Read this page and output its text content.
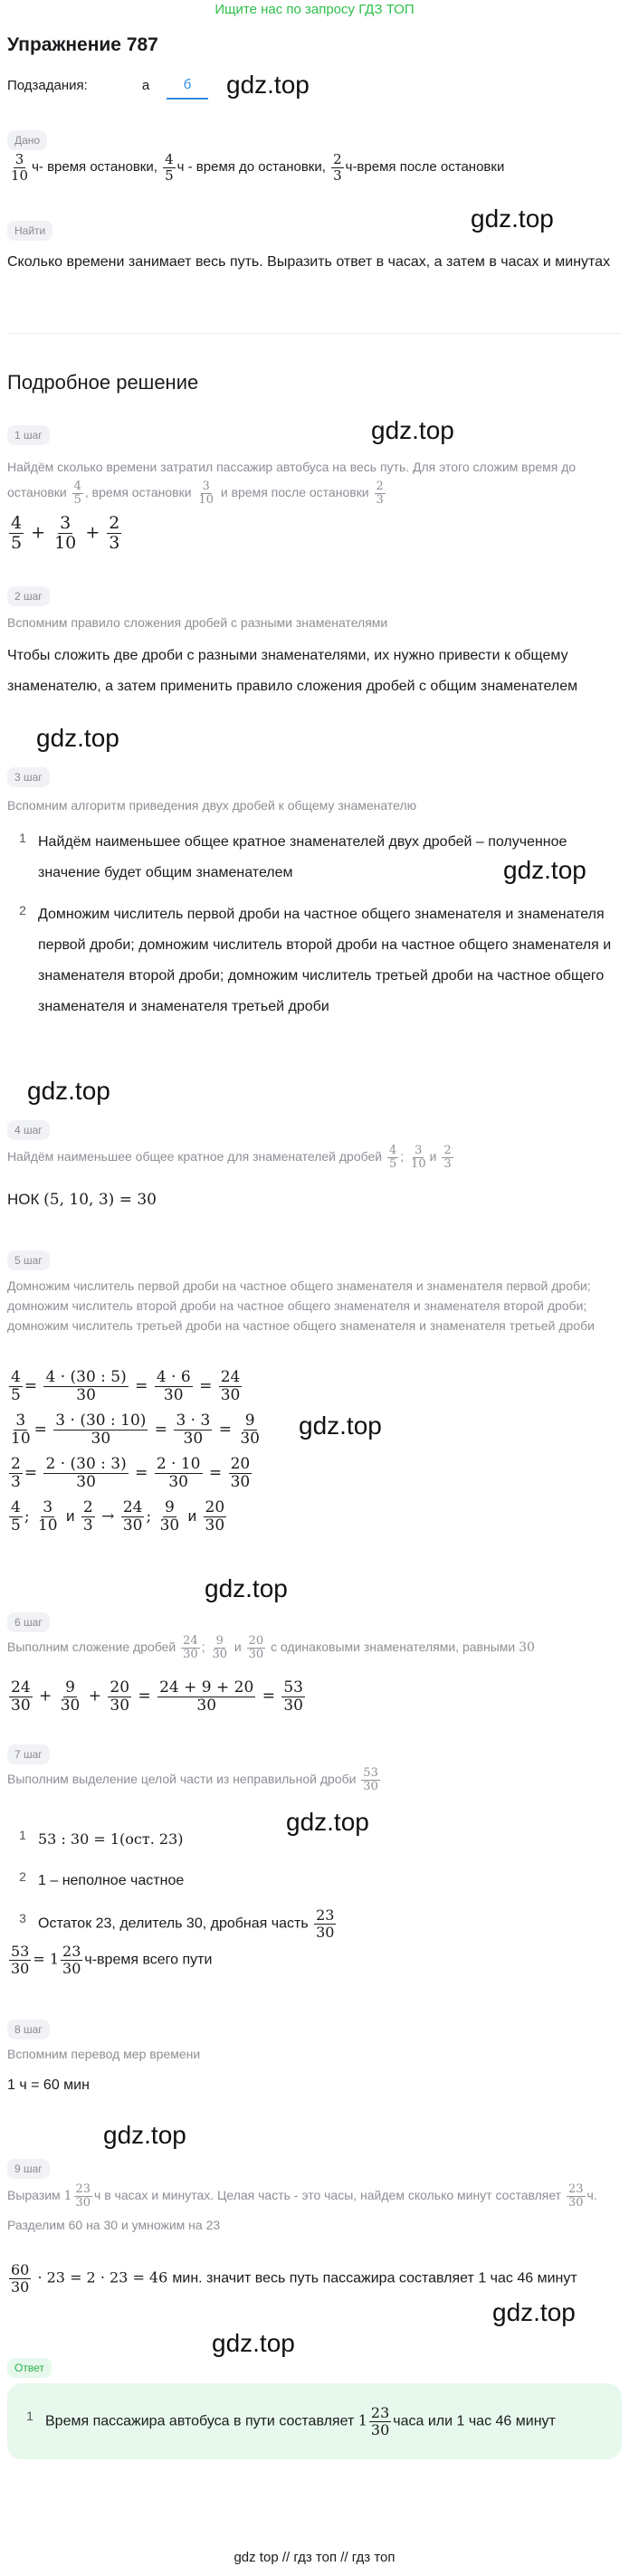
Ищите нас по запросу ГДЗ ТОП
Упражнение 787
Подзадания:	а	б	gdz.top
Дано
$\frac{3}{10} ч-$ время остановки, $\frac{4}{5}$ ч - время до остановки, $\frac{2}{3}$ ч-время после остановки
Найти	gdz.top
Сколько времени занимает весь путь. Выразить ответ в часах, а затем в часах и минутах
Подробное решение
gdz.top
1 шаг
Найдём сколько времени затратил пассажир автобуса на весь путь. Для этого сложим время до остановки $\frac{4}{5}$ , время остановки $\frac{3}{10}$ и время после остановки $\frac{2}{3}$
$\frac{4}{5} + \frac{3}{10} + \frac{2}{3}$
2 шаг
Вспомним правило сложения дробей с разными знаменателями
Чтобы сложить две дроби с разными знаменателями, их нужно привести к общему знаменателю, а затем применить правило сложения дробей с общим знаменателем
gdz.top
3 шаг
Вспомним алгоритм приведения двух дробей к общему знаменателю
1 Найдём наименьшее общее кратное знаменателей двух дробей – полученное значение будет общим знаменателем
2 Домножим числитель первой дроби на частное общего знаменателя и знаменателя первой дроби; домножим числитель второй дроби на частное общего знаменателя и знаменателя второй дроби; домножим числитель третьей дроби на частное общего знаменателя и знаменателя третьей дроби
gdz.top
gdz.top
4 шаг
Найдём наименьшее общее кратное для знаменателей дробей $\frac{4}{5}$ ; $\frac{3}{10}$ и $\frac{2}{3}$
НОК (5, 10, 3) = 30
5 шаг
Домножим числитель первой дроби на частное общего знаменателя и знаменателя первой дроби; домножим числитель второй дроби на частное общего знаменателя и знаменателя второй дроби; домножим числитель третьей дроби на частное общего знаменателя и знаменателя третьей дроби
$\frac{4}{5} = \frac{4 \cdot (30 : 5)}{30} = \frac{4 \cdot 6}{30} = \frac{24}{30}$
$\frac{3}{10} = \frac{3 \cdot (30 : 10)}{30} = \frac{3 \cdot 3}{30} = \frac{9}{30}$
$\frac{2}{3} = \frac{2 \cdot (30 : 3)}{30} = \frac{2 \cdot 10}{30} = \frac{20}{30}$
$\frac{4}{5}$ ; $\frac{3}{10}$ и $\frac{2}{3} \to \frac{24}{30}$ ; $\frac{9}{30}$ и $\frac{20}{30}$
gdz.top
gdz.top
6 шаг
Выполним сложение дробей $\frac{24}{30}$ ; $\frac{9}{30}$ и $\frac{20}{30}$ с одинаковыми знаменателями, равными 30
$\frac{24}{30} + \frac{9}{30} + \frac{20}{30} = \frac{24 + 9 + 20}{30} = \frac{53}{30}$
7 шаг
Выполним выделение целой части из неправильной дроби $\frac{53}{30}$
gdz.top
1 53 : 30 = 1(ост. 23)
2 1 – неполное частное
3 Остаток 23, делитель 30, дробная часть $\frac{23}{30}$
$\frac{53}{30} = 1 \frac{23}{30}$ ч-время всего пути
8 шаг
Вспомним перевод мер времени
1 ч = 60 мин
gdz.top
9 шаг
Выразим $1 \frac{23}{30}$ ч в часах и минутах. Целая часть - это часы, найдем сколько минут составляет $\frac{23}{30} ч$. Разделим 60 на 30 и умножим на 23
$\frac{60}{30} \cdot 23 = 2 \cdot 23 = 46$ мин. значит весь путь пассажира составляет 1 час 46 минут
gdz.top
Ответ
gdz.top
1 Время пассажира автобуса в пути составляет $1 \frac{23}{30}$ часа или 1 час 46 минут
gdz top // гдз топ // гдз топ
